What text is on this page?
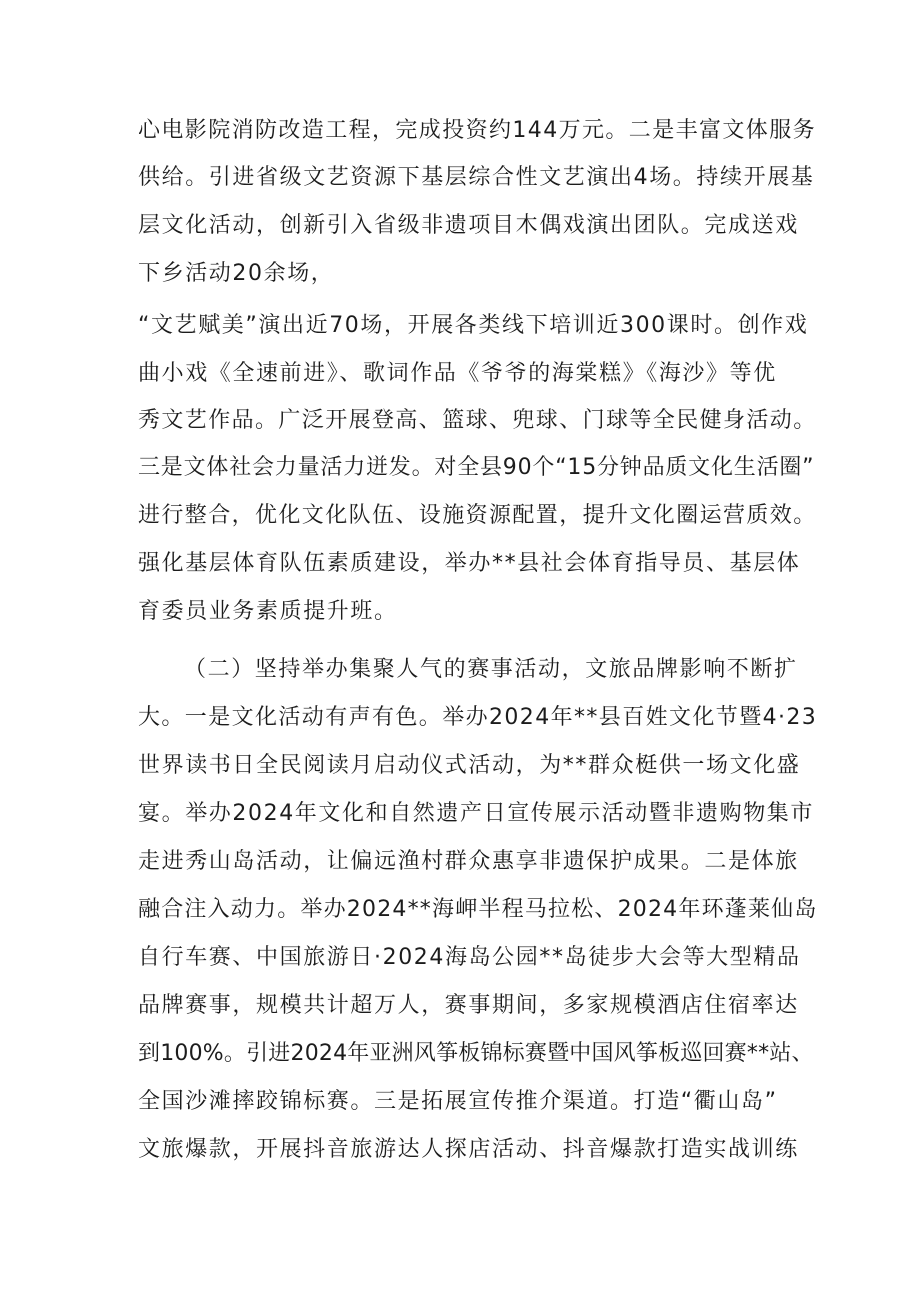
心电影院消防改造工程，完成投资约144万元。二是丰富文体服务

供给。引进省级文艺资源下基层综合性文艺演出4场。持续开展基

层文化活动，创新引入省级非遗项目木偶戏演出团队。完成送戏

下乡活动20余场，

“文艺赋美”演出近70场，开展各类线下培训近300课时。创作戏

曲小戏《全速前进》、歌词作品《爷爷的海棠糕》《海沙》等优

秀文艺作品。广泛开展登高、篮球、兜球、门球等全民健身活动。

三是文体社会力量活力迸发。对全县90个“15分钟品质文化生活圈”

进行整合，优化文化队伍、设施资源配置，提升文化圈运营质效。

强化基层体育队伍素质建设，举办**县社会体育指导员、基层体

育委员业务素质提升班。

（二）坚持举办集聚人气的赛事活动，文旅品牌影响不断扩

大。一是文化活动有声有色。举办2024年**县百姓文化节暨4·23

世界读书日全民阅读月启动仪式活动，为**群众梃供一场文化盛

宴。举办2024年文化和自然遗产日宣传展示活动暨非遗购物集市

走进秀山岛活动，让偏远渔村群众惠享非遗保护成果。二是体旅

融合注入动力。举办2024**海岬半程马拉松、2024年环蓬莱仙岛

自行车赛、中国旅游日·2024海岛公园**岛徒步大会等大型精品

品牌赛事，规模共计超万人，赛事期间，多家规模酒店住宿率达

到100%。引进2024年亚洲风筝板锦标赛暨中国风筝板巡回赛**站、

全国沙滩摔跤锦标赛。三是拓展宣传推介渠道。打造“衢山岛”

文旅爆款，开展抖音旅游达人探店活动、抖音爆款打造实战训练
